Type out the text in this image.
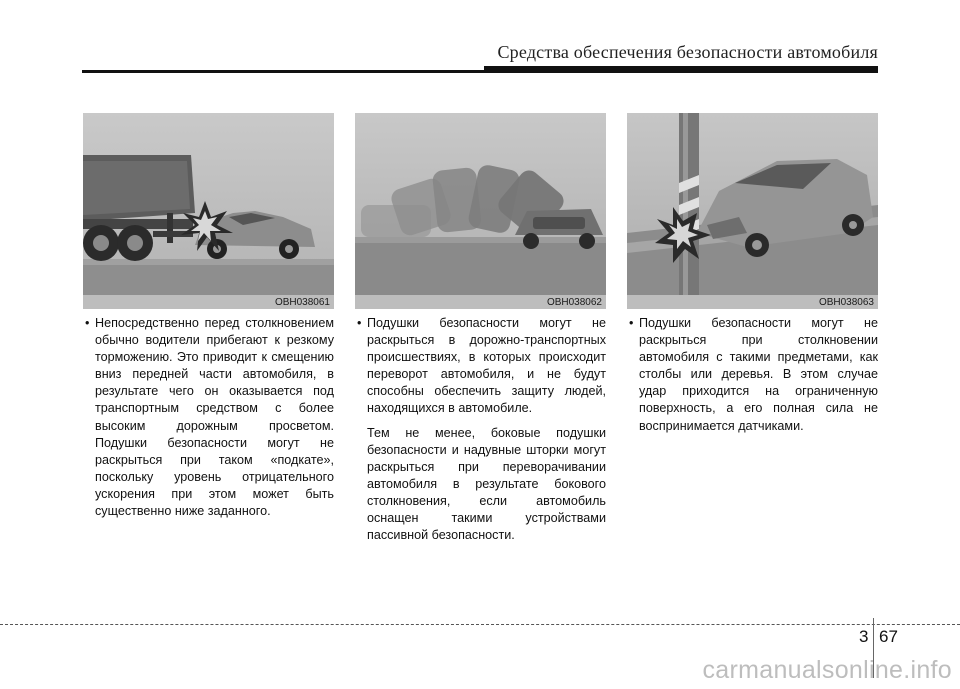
Средства обеспечения безопасности автомобиля
OBH038061	OBH038062	OBH038063

• Непосредственно перед столкновением обычно водители прибегают к резкому торможению. Это приводит к смещению вниз передней части автомобиля, в результате чего он оказывается под транспортным средством с более высоким дорожным просветом. Подушки безопасности могут не раскрыться при таком «подкате», поскольку уровень отрицательного ускорения при этом может быть существенно ниже заданного.

• Подушки безопасности могут не раскрыться в дорожно-транспортных происшествиях, в которых происходит переворот автомобиля, и не будут способны обеспечить защиту людей, находящихся в автомобиле.

Тем не менее, боковые подушки безопасности и надувные шторки могут раскрыться при переворачивании автомобиля в результате бокового столкновения, если автомобиль оснащен такими устройствами пассивной безопасности.

• Подушки безопасности могут не раскрыться при столкновении автомобиля с такими предметами, как столбы или деревья. В этом случае удар приходится на ограниченную поверхность, а его полная сила не воспринимается датчиками.

3 67
carmanualsonline.info
